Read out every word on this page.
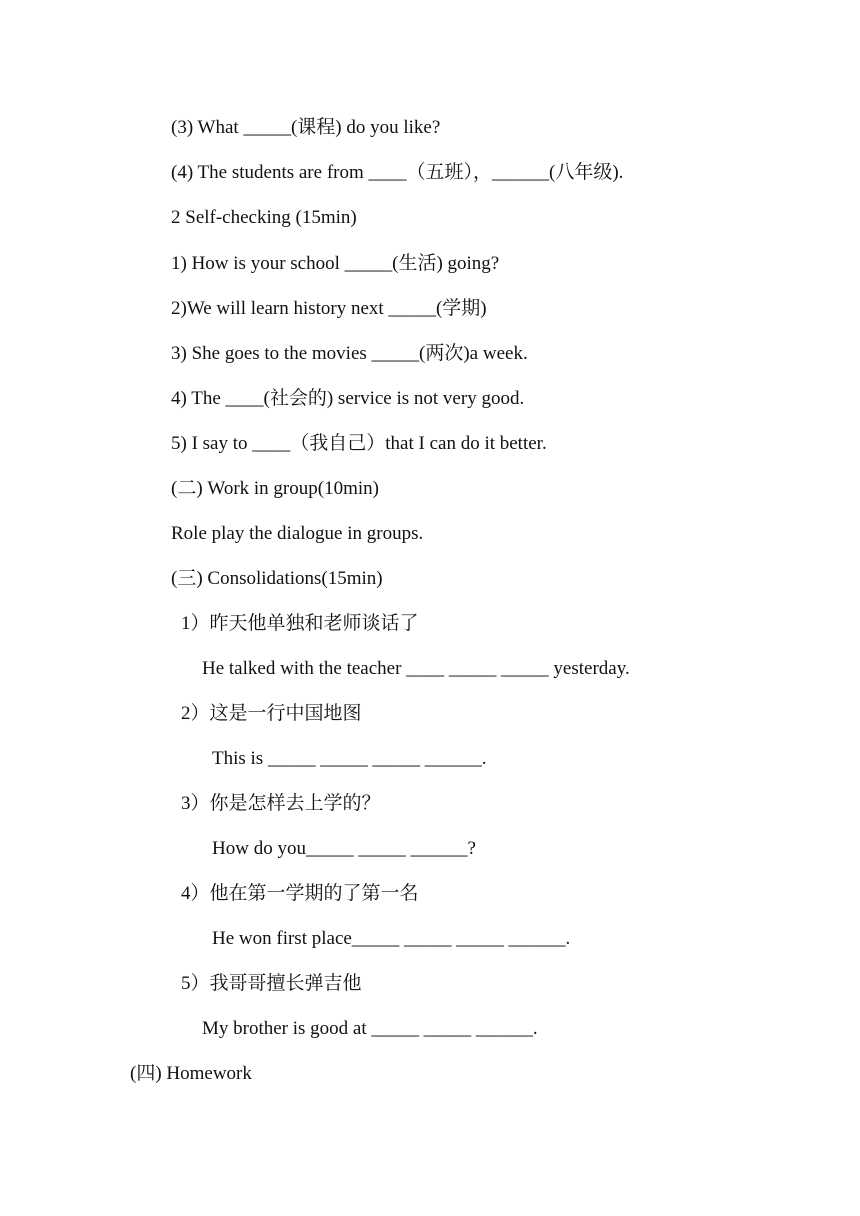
(3) What _____(课程) do you like?
(4) The students are from ____（五班），______(八年级).
2 Self-checking (15min)
1) How is your school _____(生活) going?
2)We will learn history next _____(学期)
3) She goes to the movies _____(两次)a week.
4) The ____(社会的) service is not very good.
5) I say to ____（我自己）that I can do it better.
(二) Work in group(10min)
Role play the dialogue in groups.
(三) Consolidations(15min)
1）昨天他单独和老师谈话了
He talked with the teacher ____ _____ _____ yesterday.
2）这是一行中国地图
This is _____ _____ _____ ______.
3）你是怎样去上学的？
How do you_____ _____ ______?
4）他在第一学期的了第一名
He won first place_____ _____ _____ ______.
5）我哥哥擅长弹吉他
My brother is good at _____ _____ ______.
(四) Homework
